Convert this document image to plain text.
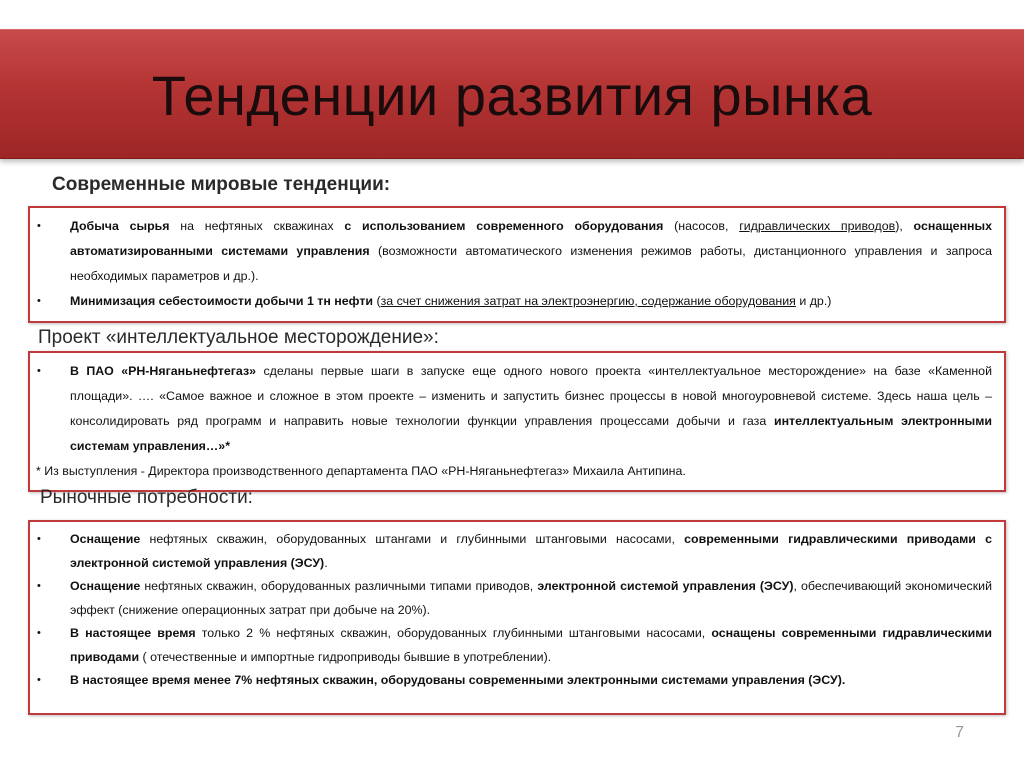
Тенденции развития рынка
Современные мировые тенденции:
• Добыча сырья на нефтяных скважинах с использованием современного оборудования (насосов, гидравлических приводов), оснащенных автоматизированными системами управления (возможности автоматического изменения режимов работы, дистанционного управления и запроса необходимых параметров и др.).
• Минимизация себестоимости добычи 1 тн нефти (за счет снижения затрат на электроэнергию, содержание оборудования и др.)
Проект «интеллектуальное месторождение»:
• В ПАО «РН-Няганьнефтегаз» сделаны первые шаги в запуске еще одного нового проекта «интеллектуальное месторождение» на базе «Каменной площади». …. «Самое важное и сложное в этом проекте – изменить и запустить бизнес процессы в новой многоуровневой системе. Здесь наша цель – консолидировать ряд программ и направить новые технологии функции управления процессами добычи и газа интеллектуальным электронными системам управления…»*

* Из выступления - Директора производственного департамента ПАО «РН-Няганьнефтегаз» Михаила Антипина.

Рыночные потребности:
• Оснащение нефтяных скважин, оборудованных штангами и глубинными штанговыми насосами, современными гидравлическими приводами с электронной системой управления (ЭСУ).
• Оснащение нефтяных скважин, оборудованных различными типами приводов, электронной системой управления (ЭСУ), обеспечивающий экономический эффект (снижение операционных затрат при добыче на 20%).
• В настоящее время только 2 % нефтяных скважин, оборудованных глубинными штанговыми насосами, оснащены современными гидравлическими приводами ( отечественные и импортные гидроприводы бывшие в употреблении).
• В настоящее время менее 7% нефтяных скважин, оборудованы современными электронными системами управления (ЭСУ).
7
